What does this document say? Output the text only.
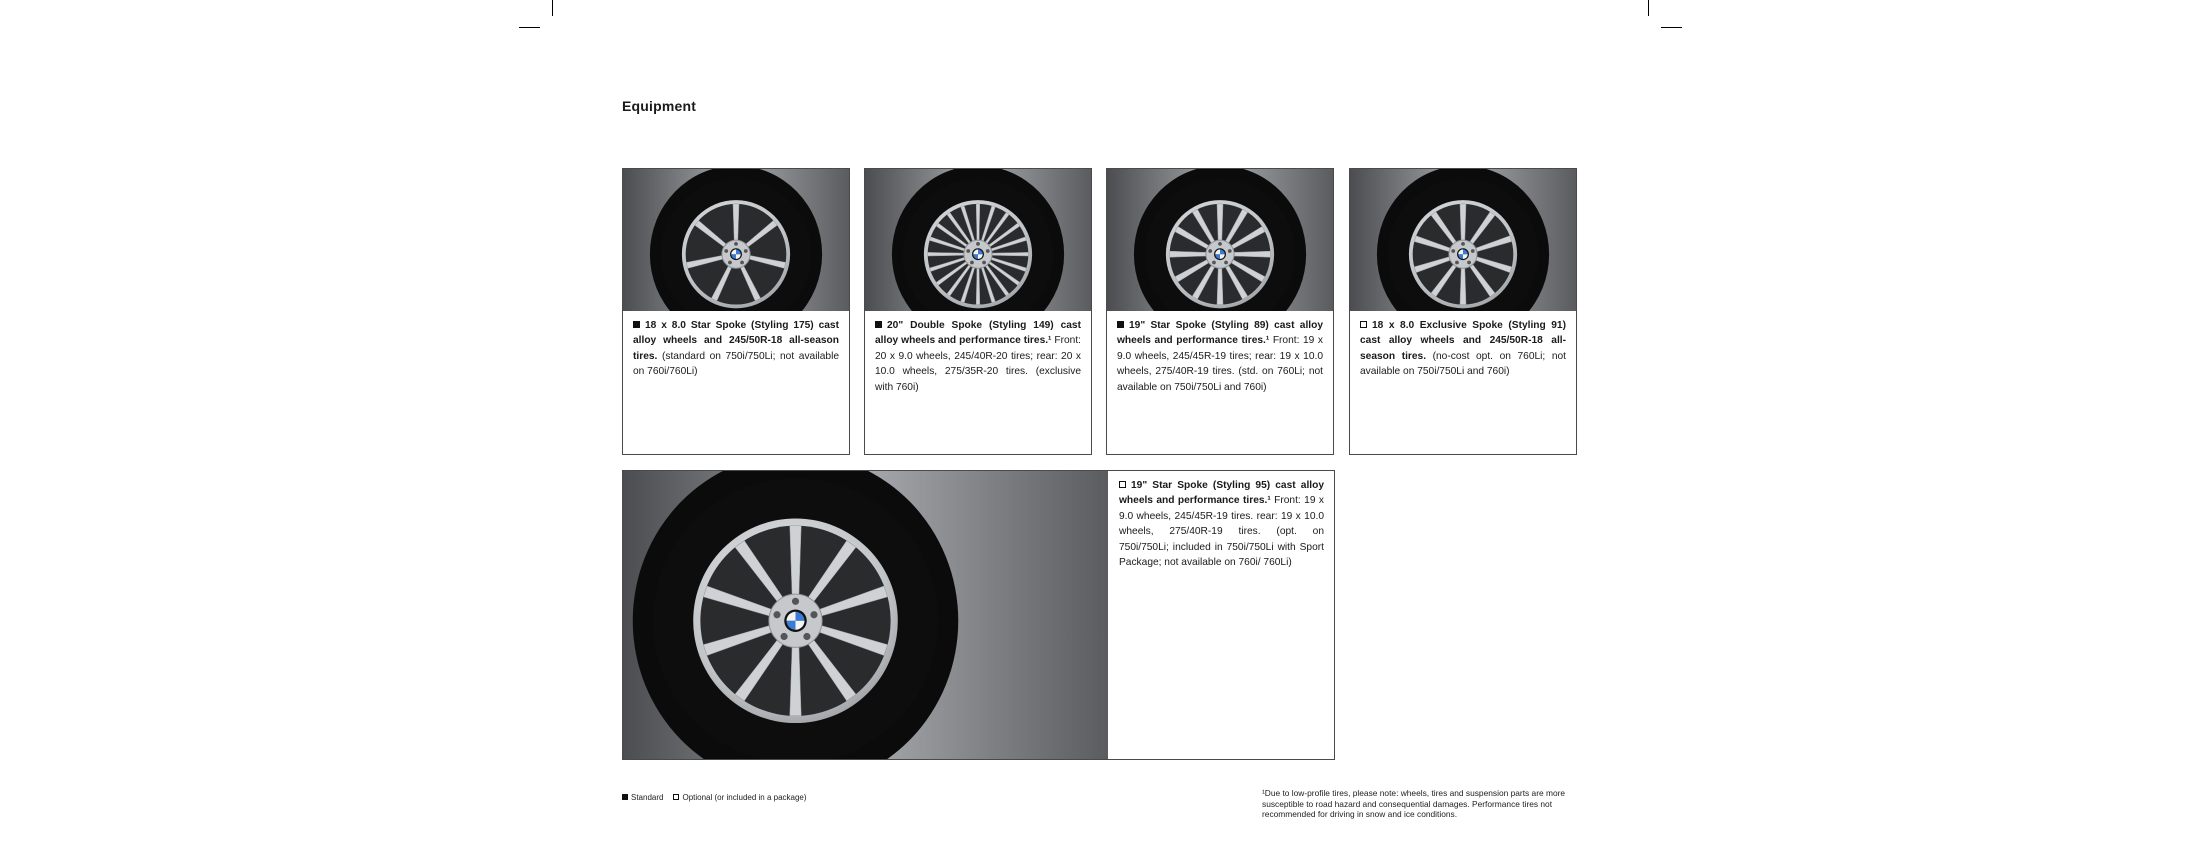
Equipment
18 x 8.0 Star Spoke (Styling 175) cast alloy wheels and 245/50R-18 all-season tires. (standard on 750i/750Li; not available on 760i/760Li)
20" Double Spoke (Styling 149) cast alloy wheels and performance tires.¹ Front: 20 x 9.0 wheels, 245/40R-20 tires; rear: 20 x 10.0 wheels, 275/35R-20 tires. (exclusive with 760i)
19" Star Spoke (Styling 89) cast alloy wheels and performance tires.¹ Front: 19 x 9.0 wheels, 245/45R-19 tires; rear: 19 x 10.0 wheels, 275/40R-19 tires. (std. on 760Li; not available on 750i/750Li and 760i)
18 x 8.0 Exclusive Spoke (Styling 91) cast alloy wheels and 245/50R-18 all-season tires. (no-cost opt. on 760Li; not available on 750i/750Li and 760i)
19" Star Spoke (Styling 95) cast alloy wheels and performance tires.¹ Front: 19 x 9.0 wheels, 245/45R-19 tires. rear: 19 x 10.0 wheels, 275/40R-19 tires. (opt. on 750i/750Li; included in 750i/750Li with Sport Package; not available on 760i/ 760Li)
Standard	Optional (or included in a package)	¹Due to low-profile tires, please note: wheels, tires and suspension parts are more susceptible to road hazard and consequential damages. Performance tires not recommended for driving in snow and ice conditions.
